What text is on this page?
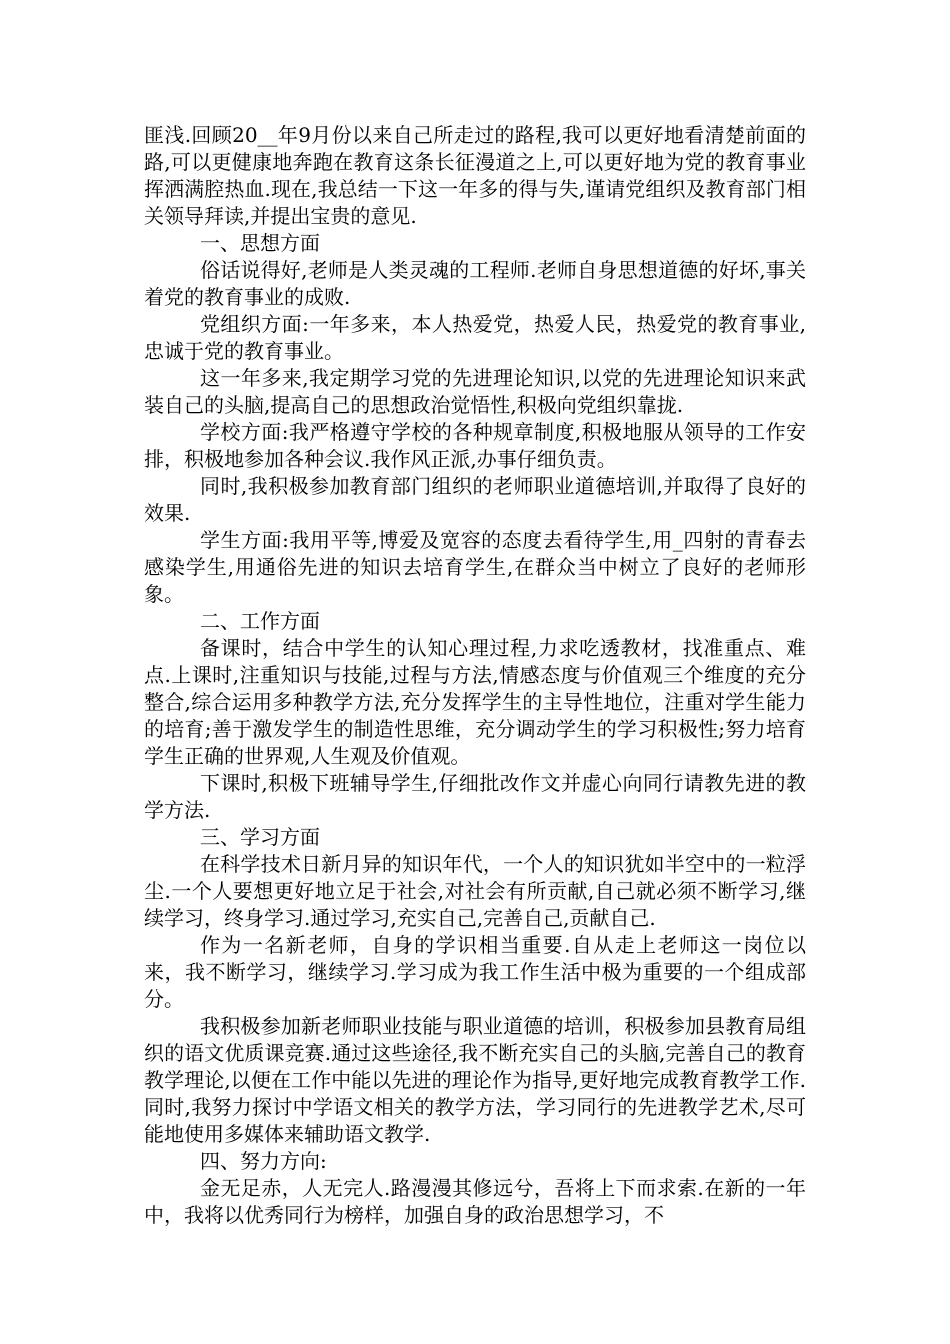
匪浅.回顾20__年9月份以来自己所走过的路程,我可以更好地看清楚前面的路,可以更健康地奔跑在教育这条长征漫道之上,可以更好地为党的教育事业挥洒满腔热血.现在,我总结一下这一年多的得与失,谨请党组织及教育部门相关领导拜读,并提出宝贵的意见.

一、思想方面

俗话说得好,老师是人类灵魂的工程师.老师自身思想道德的好坏,事关着党的教育事业的成败.

党组织方面:一年多来，本人热爱党，热爱人民，热爱党的教育事业,忠诚于党的教育事业。

这一年多来,我定期学习党的先进理论知识,以党的先进理论知识来武装自己的头脑,提高自己的思想政治觉悟性,积极向党组织靠拢.

学校方面:我严格遵守学校的各种规章制度,积极地服从领导的工作安排，积极地参加各种会议.我作风正派,办事仔细负责。

同时,我积极参加教育部门组织的老师职业道德培训,并取得了良好的效果.

学生方面:我用平等,博爱及宽容的态度去看待学生,用_四射的青春去感染学生,用通俗先进的知识去培育学生,在群众当中树立了良好的老师形象。

二、工作方面

备课时，结合中学生的认知心理过程,力求吃透教材，找准重点、难点.上课时,注重知识与技能,过程与方法,情感态度与价值观三个维度的充分整合,综合运用多种教学方法,充分发挥学生的主导性地位，注重对学生能力的培育;善于激发学生的制造性思维，充分调动学生的学习积极性;努力培育学生正确的世界观,人生观及价值观。

下课时,积极下班辅导学生,仔细批改作文并虚心向同行请教先进的教学方法.

三、学习方面

在科学技术日新月异的知识年代，一个人的知识犹如半空中的一粒浮尘.一个人要想更好地立足于社会,对社会有所贡献,自己就必须不断学习,继续学习，终身学习.通过学习,充实自己,完善自己,贡献自己.

作为一名新老师，自身的学识相当重要.自从走上老师这一岗位以来，我不断学习，继续学习.学习成为我工作生活中极为重要的一个组成部分。

我积极参加新老师职业技能与职业道德的培训，积极参加县教育局组织的语文优质课竞赛.通过这些途径,我不断充实自己的头脑,完善自己的教育教学理论,以便在工作中能以先进的理论作为指导,更好地完成教育教学工作.同时,我努力探讨中学语文相关的教学方法，学习同行的先进教学艺术,尽可能地使用多媒体来辅助语文教学.

四、努力方向:

金无足赤，人无完人.路漫漫其修远兮，吾将上下而求索.在新的一年中，我将以优秀同行为榜样，加强自身的政治思想学习，不
